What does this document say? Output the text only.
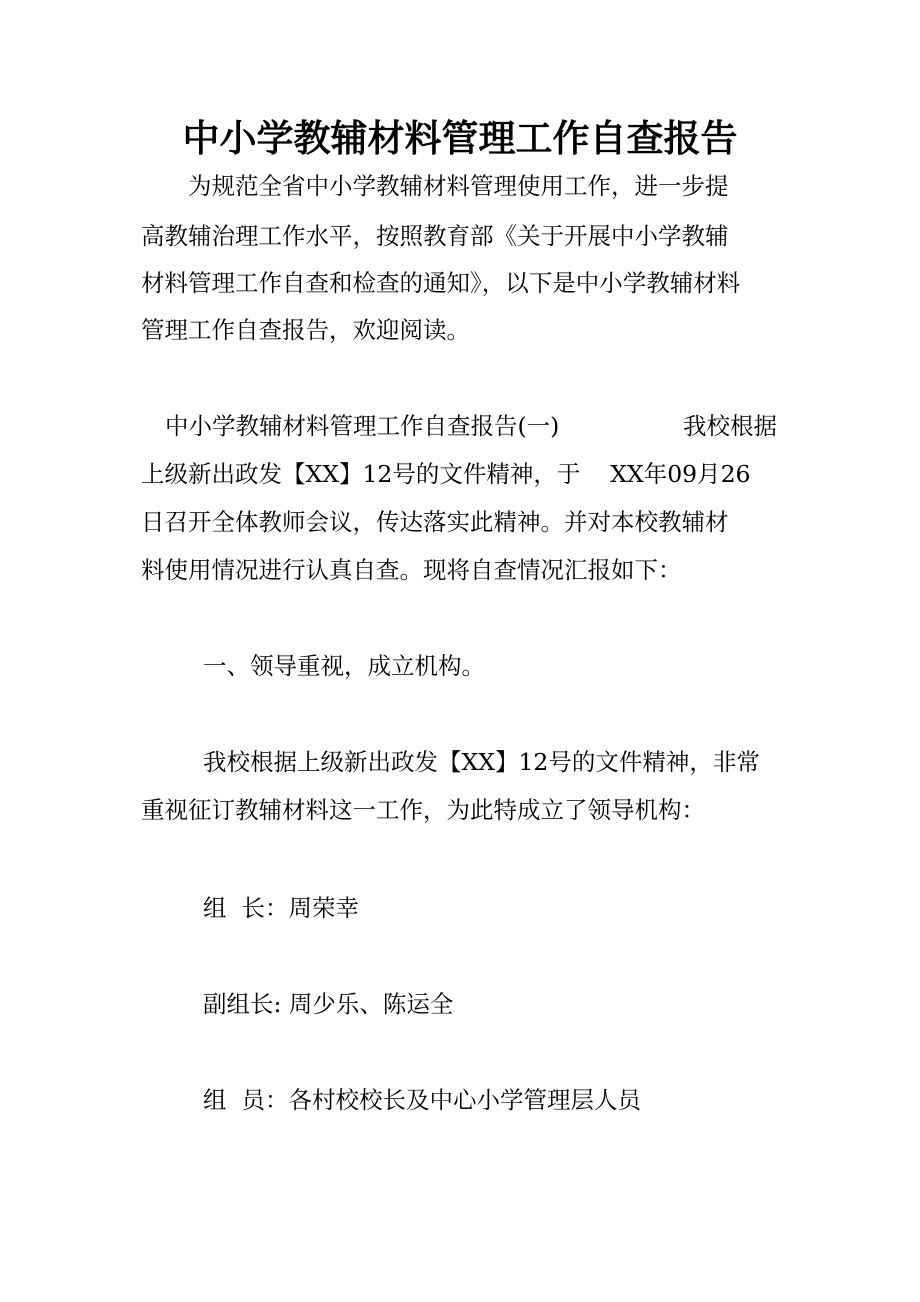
中小学教辅材料管理工作自查报告

为规范全省中小学教辅材料管理使用工作，进一步提

高教辅治理工作水平，按照教育部《关于开展中小学教辅

材料管理工作自查和检查的通知》，以下是中小学教辅材料

管理工作自查报告，欢迎阅读。

中小学教辅材料管理工作自查报告(一)	我校根据

上级新出政发【XX】12号的文件精神，于    XX年09月26

日召开全体教师会议，传达落实此精神。并对本校教辅材

料使用情况进行认真自查。现将自查情况汇报如下：

一、领导重视，成立机构。

我校根据上级新出政发【XX】12号的文件精神，非常

重视征订教辅材料这一工作，为此特成立了领导机构：

组  长：周荣幸

副组长: 周少乐、陈运全

组  员：各村校校长及中心小学管理层人员
